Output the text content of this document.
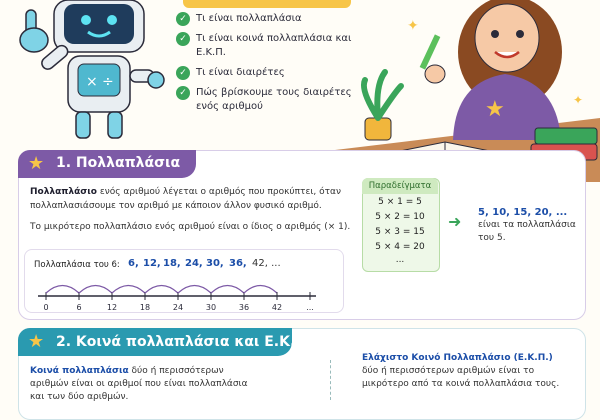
× ÷
✓ Τι είναι πολλαπλάσια
✓ Τι είναι κοινά πολλαπλάσια και Ε.Κ.Π.
✓ Τι είναι διαιρέτες
✓ Πώς βρίσκουμε τους διαιρέτες ενός αριθμού	★
✦
✦
★ 1. Πολλαπλάσια
Πολλαπλάσιο ενός αριθμού λέγεται ο αριθμός που προκύπτει, όταν πολλαπλασιάσουμε τον αριθμό με κάποιον άλλον φυσικό αριθμό.
Το μικρότερο πολλαπλάσιο ενός αριθμού είναι ο ίδιος ο αριθμός (× 1).
Παραδείγματα
5 × 1 = 5
5 × 2 = 10
5 × 3 = 15
5 × 4 = 20
...
➜ 5, 10, 15, 20, ...
είναι τα πολλαπλάσια του 5.
Πολλαπλάσια του 6: 6, 12, 18, 24, 30, 36, 42, ...
0	6	12	18	24	30	36	42	...
★ 2. Κοινά πολλαπλάσια και Ε.Κ.Π.
Κοινά πολλαπλάσια δύο ή περισσότερων αριθμών είναι οι αριθμοί που είναι πολλαπλάσια και των δύο αριθμών.
Ελάχιστο Κοινό Πολλαπλάσιο (Ε.Κ.Π.)
δύο ή περισσότερων αριθμών είναι το μικρότερο από τα κοινά πολλαπλάσια τους.
